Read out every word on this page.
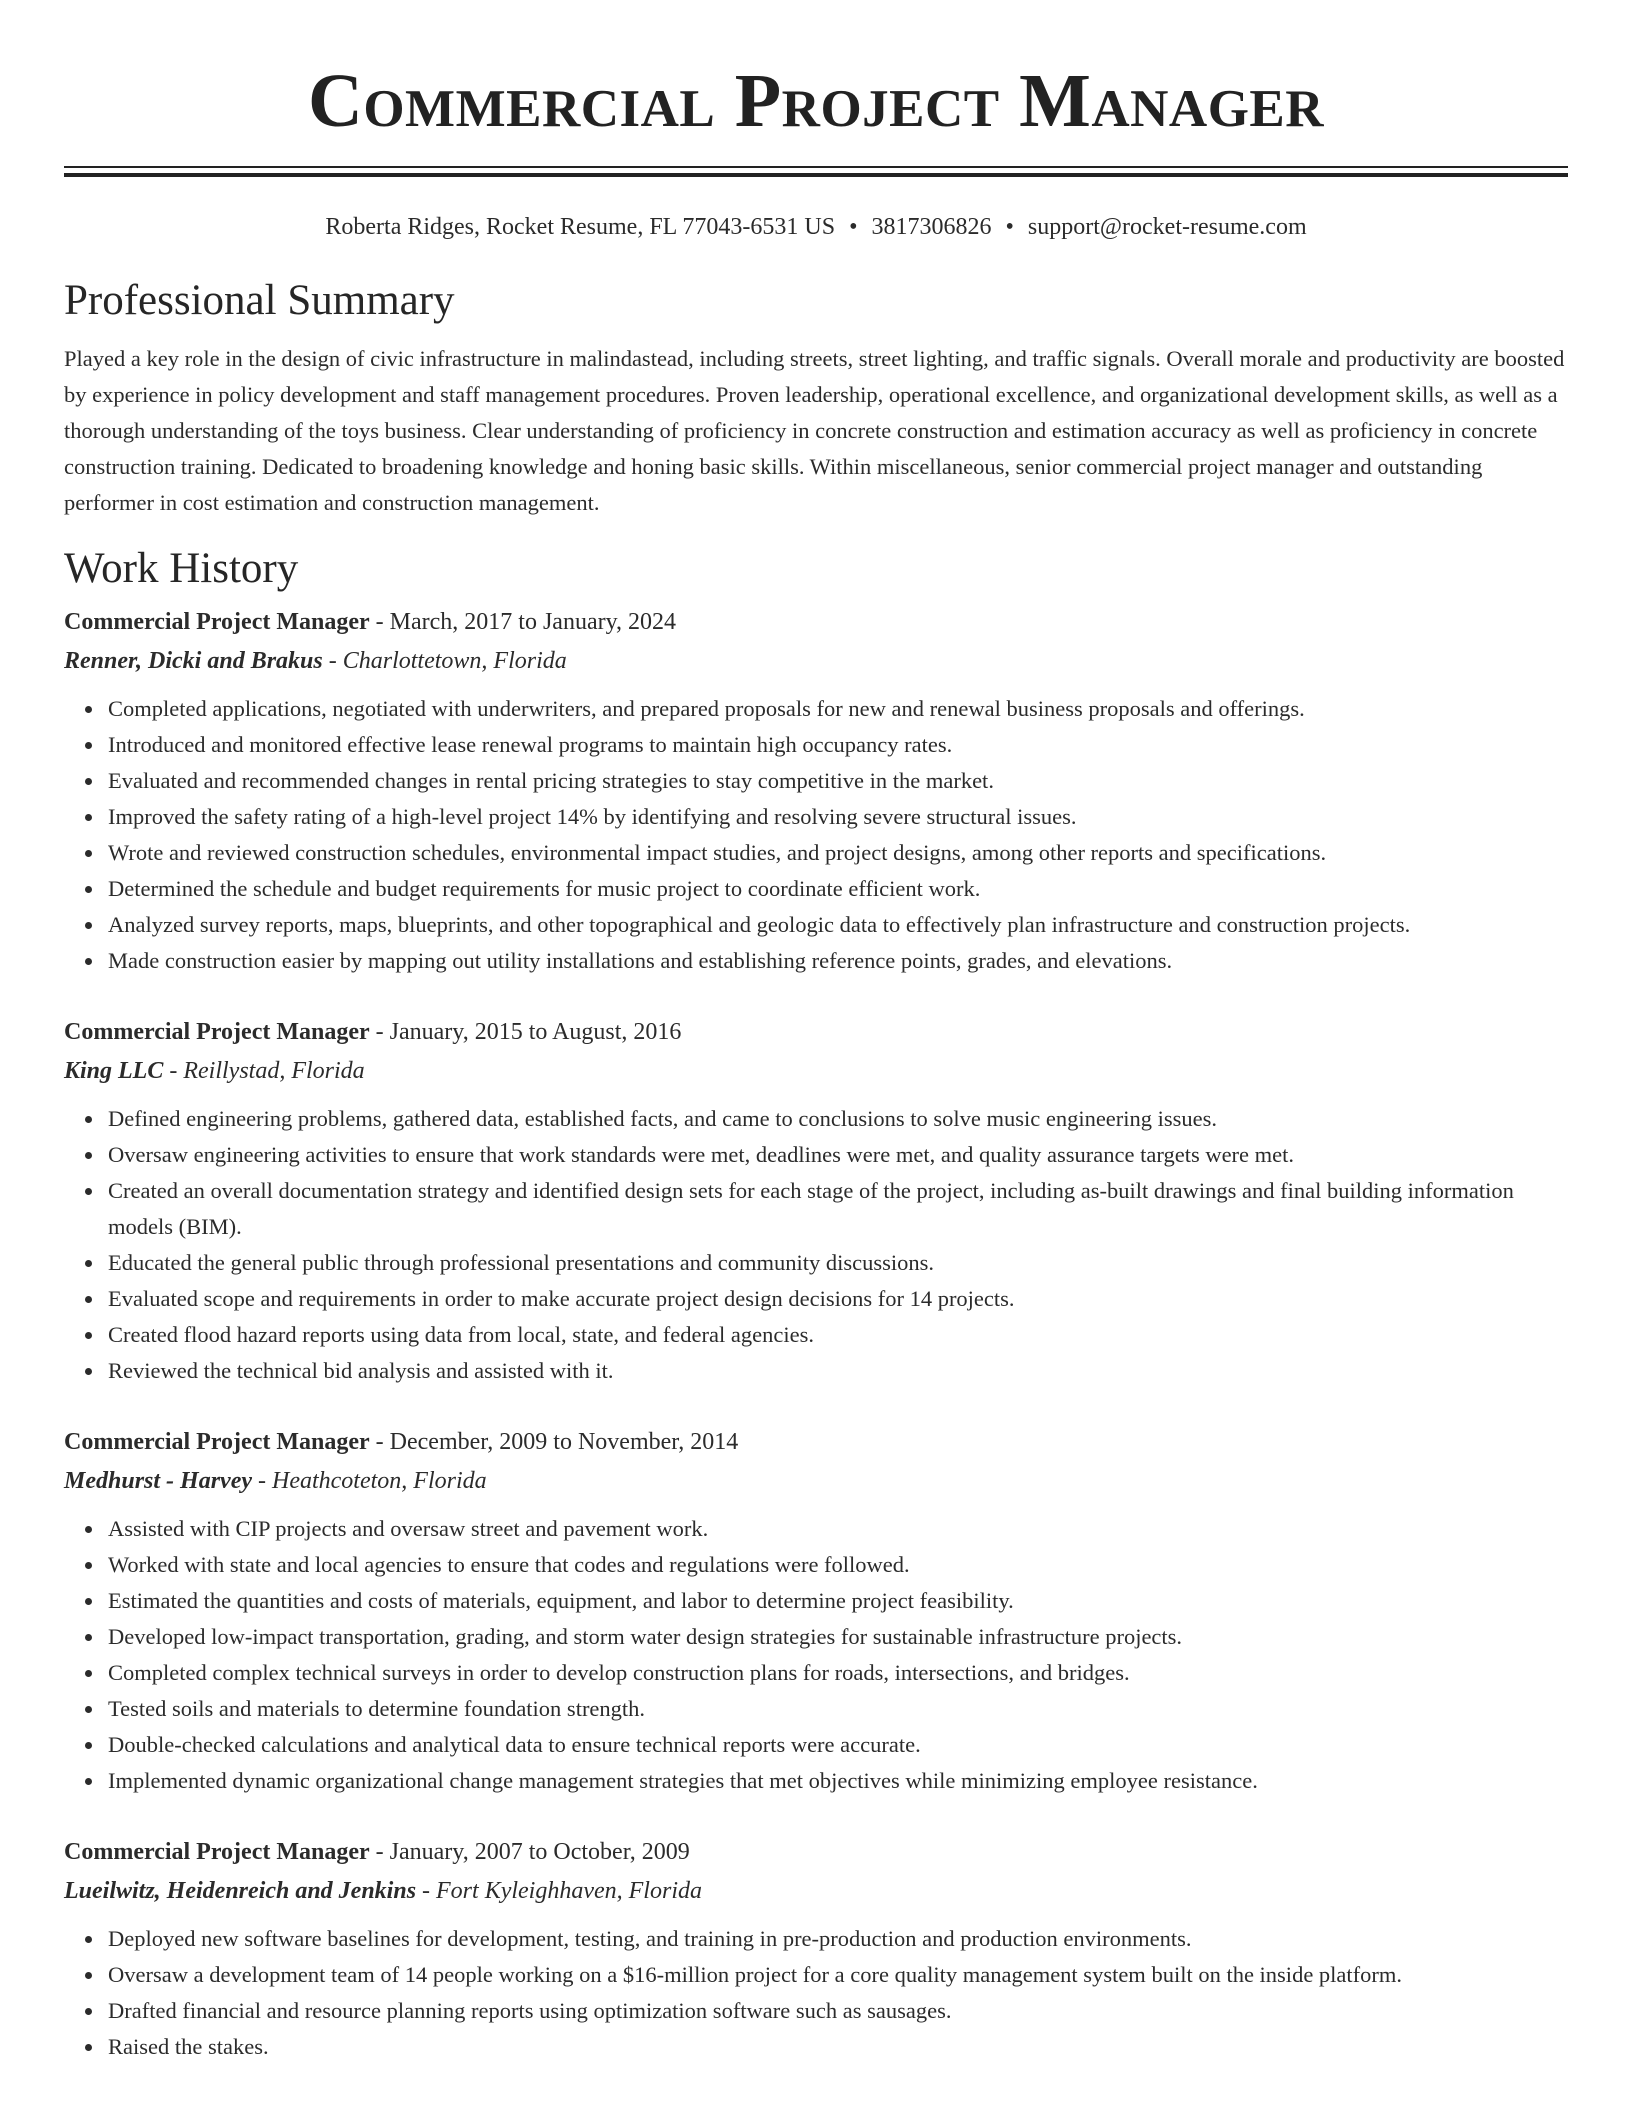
Commercial Project Manager
Roberta Ridges, Rocket Resume, FL 77043-6531 US • 3817306826 • support@rocket-resume.com
Professional Summary
Played a key role in the design of civic infrastructure in malindastead, including streets, street lighting, and traffic signals. Overall morale and productivity are boosted by experience in policy development and staff management procedures. Proven leadership, operational excellence, and organizational development skills, as well as a thorough understanding of the toys business. Clear understanding of proficiency in concrete construction and estimation accuracy as well as proficiency in concrete construction training. Dedicated to broadening knowledge and honing basic skills. Within miscellaneous, senior commercial project manager and outstanding performer in cost estimation and construction management.
Work History
Commercial Project Manager - March, 2017 to January, 2024
Renner, Dicki and Brakus - Charlottetown, Florida
Completed applications, negotiated with underwriters, and prepared proposals for new and renewal business proposals and offerings.
Introduced and monitored effective lease renewal programs to maintain high occupancy rates.
Evaluated and recommended changes in rental pricing strategies to stay competitive in the market.
Improved the safety rating of a high-level project 14% by identifying and resolving severe structural issues.
Wrote and reviewed construction schedules, environmental impact studies, and project designs, among other reports and specifications.
Determined the schedule and budget requirements for music project to coordinate efficient work.
Analyzed survey reports, maps, blueprints, and other topographical and geologic data to effectively plan infrastructure and construction projects.
Made construction easier by mapping out utility installations and establishing reference points, grades, and elevations.
Commercial Project Manager - January, 2015 to August, 2016
King LLC - Reillystad, Florida
Defined engineering problems, gathered data, established facts, and came to conclusions to solve music engineering issues.
Oversaw engineering activities to ensure that work standards were met, deadlines were met, and quality assurance targets were met.
Created an overall documentation strategy and identified design sets for each stage of the project, including as-built drawings and final building information models (BIM).
Educated the general public through professional presentations and community discussions.
Evaluated scope and requirements in order to make accurate project design decisions for 14 projects.
Created flood hazard reports using data from local, state, and federal agencies.
Reviewed the technical bid analysis and assisted with it.
Commercial Project Manager - December, 2009 to November, 2014
Medhurst - Harvey - Heathcoteton, Florida
Assisted with CIP projects and oversaw street and pavement work.
Worked with state and local agencies to ensure that codes and regulations were followed.
Estimated the quantities and costs of materials, equipment, and labor to determine project feasibility.
Developed low-impact transportation, grading, and storm water design strategies for sustainable infrastructure projects.
Completed complex technical surveys in order to develop construction plans for roads, intersections, and bridges.
Tested soils and materials to determine foundation strength.
Double-checked calculations and analytical data to ensure technical reports were accurate.
Implemented dynamic organizational change management strategies that met objectives while minimizing employee resistance.
Commercial Project Manager - January, 2007 to October, 2009
Lueilwitz, Heidenreich and Jenkins - Fort Kyleighhaven, Florida
Deployed new software baselines for development, testing, and training in pre-production and production environments.
Oversaw a development team of 14 people working on a $16-million project for a core quality management system built on the inside platform.
Drafted financial and resource planning reports using optimization software such as sausages.
Raised the stakes.
